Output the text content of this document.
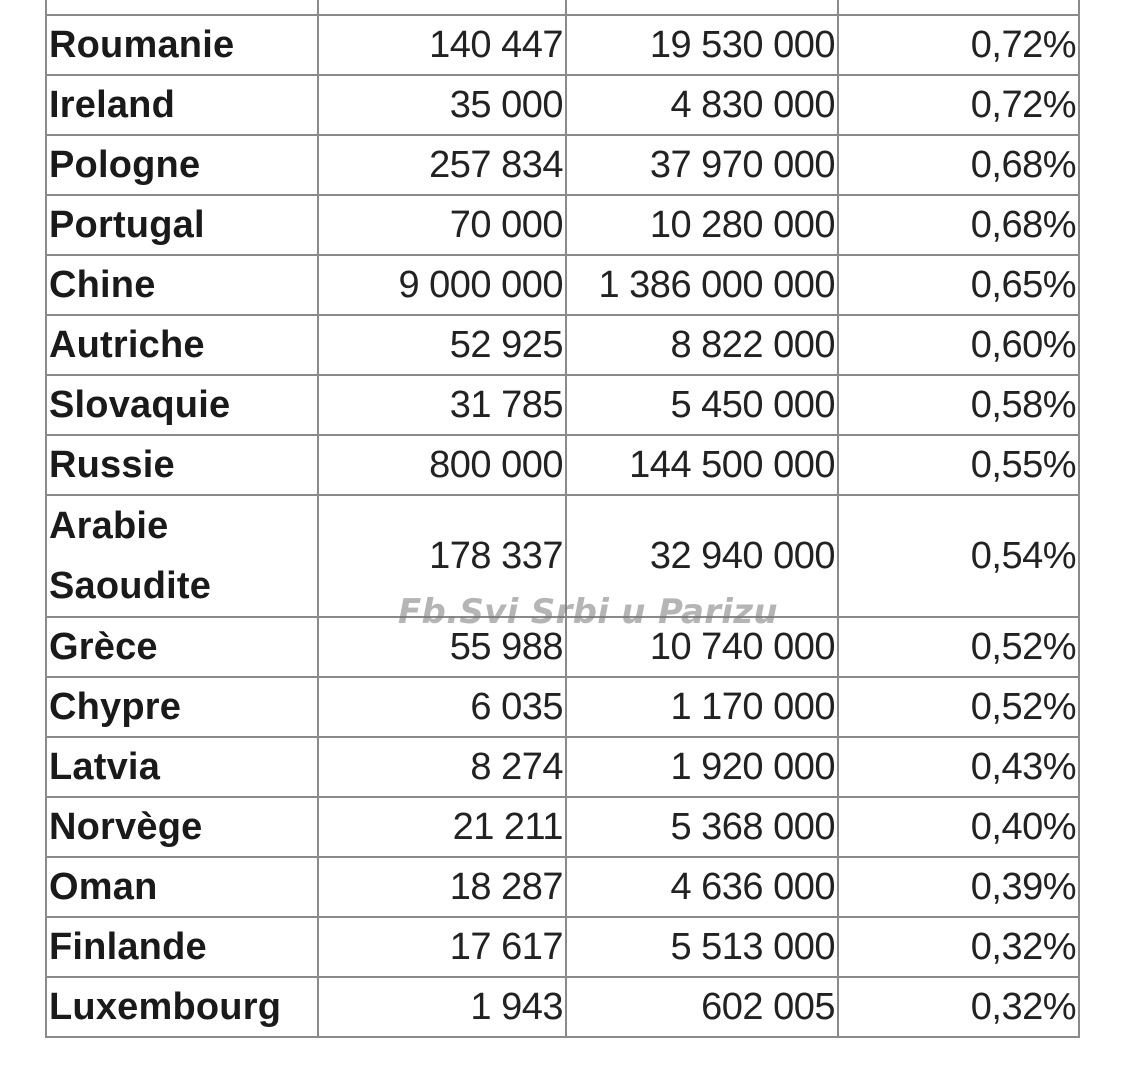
Roumanie	140 447	19 530 000	0,72%
Ireland	35 000	4 830 000	0,72%
Pologne	257 834	37 970 000	0,68%
Portugal	70 000	10 280 000	0,68%
Chine	9 000 000	1 386 000 000	0,65%
Autriche	52 925	8 822 000	0,60%
Slovaquie	31 785	5 450 000	0,58%
Russie	800 000	144 500 000	0,55%
Arabie Saoudite	178 337	32 940 000	0,54%
Grèce	55 988	10 740 000	0,52%
Chypre	6 035	1 170 000	0,52%
Latvia	8 274	1 920 000	0,43%
Norvège	21 211	5 368 000	0,40%
Oman	18 287	4 636 000	0,39%
Finlande	17 617	5 513 000	0,32%
Luxembourg	1 943	602 005	0,32%
Fb.Svi Srbi u Parizu
